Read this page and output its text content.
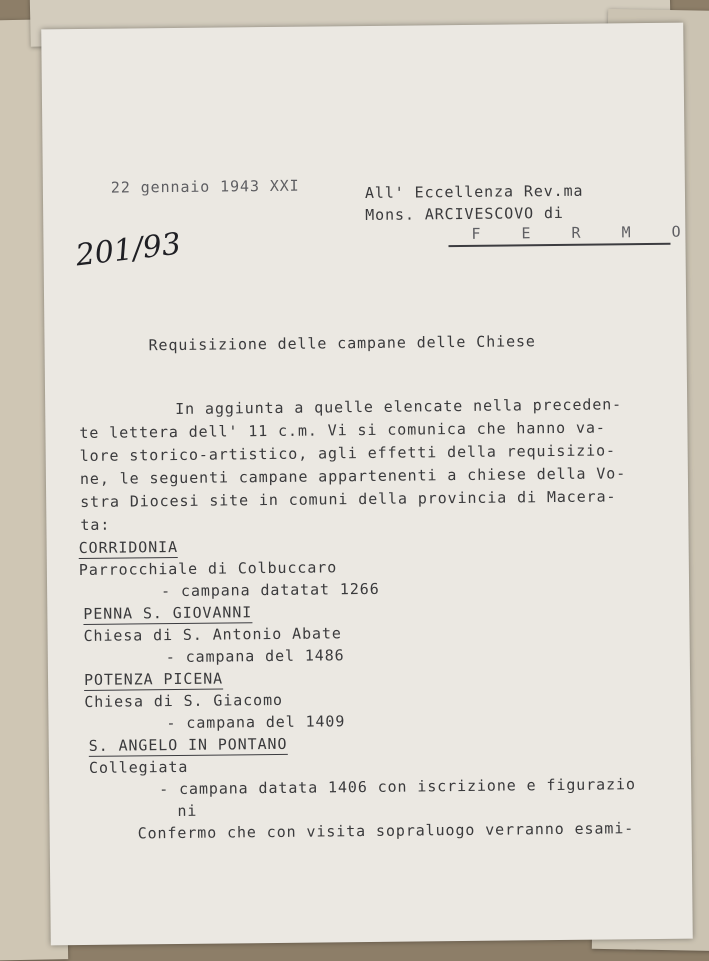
22 gennaio 1943 XXI
201/93
All' Eccellenza Rev.ma
Mons. ARCIVESCOVO di
F E R M O
Requisizione delle campane delle Chiese
In aggiunta a quelle elencate nella preceden-
te lettera dell' 11 c.m. Vi si comunica che hanno va-
lore storico-artistico, agli effetti della requisizio-
ne, le seguenti campane appartenenti a chiese della Vo-
stra Diocesi site in comuni della provincia di Macera-
ta:
CORRIDONIA
Parrocchiale di Colbuccaro
- campana datatat 1266
PENNA S. GIOVANNI
Chiesa di S. Antonio Abate
- campana del 1486
POTENZA PICENA
Chiesa di S. Giacomo
- campana del 1409
S. ANGELO IN PONTANO
Collegiata
- campana datata 1406 con iscrizione e figurazio
ni
Confermo che con visita sopraluogo verranno esami-
